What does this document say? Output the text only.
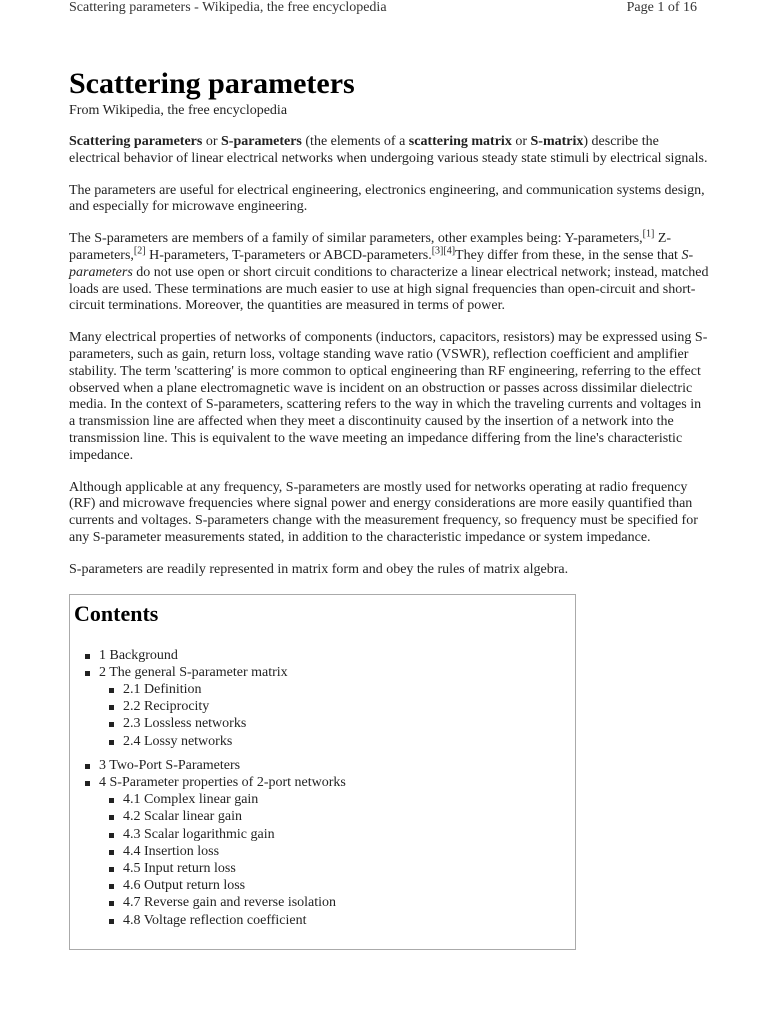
Scattering parameters - Wikipedia, the free encyclopedia	Page 1 of 16
Scattering parameters
From Wikipedia, the free encyclopedia

Scattering parameters or S-parameters (the elements of a scattering matrix or S-matrix) describe the electrical behavior of linear electrical networks when undergoing various steady state stimuli by electrical signals.

The parameters are useful for electrical engineering, electronics engineering, and communication systems design, and especially for microwave engineering.

The S-parameters are members of a family of similar parameters, other examples being: Y-parameters,[1] Z-parameters,[2] H-parameters, T-parameters or ABCD-parameters.[3][4]They differ from these, in the sense that S-parameters do not use open or short circuit conditions to characterize a linear electrical network; instead, matched loads are used. These terminations are much easier to use at high signal frequencies than open-circuit and short-circuit terminations. Moreover, the quantities are measured in terms of power.

Many electrical properties of networks of components (inductors, capacitors, resistors) may be expressed using S-parameters, such as gain, return loss, voltage standing wave ratio (VSWR), reflection coefficient and amplifier stability. The term 'scattering' is more common to optical engineering than RF engineering, referring to the effect observed when a plane electromagnetic wave is incident on an obstruction or passes across dissimilar dielectric media. In the context of S-parameters, scattering refers to the way in which the traveling currents and voltages in a transmission line are affected when they meet a discontinuity caused by the insertion of a network into the transmission line. This is equivalent to the wave meeting an impedance differing from the line's characteristic impedance.

Although applicable at any frequency, S-parameters are mostly used for networks operating at radio frequency (RF) and microwave frequencies where signal power and energy considerations are more easily quantified than currents and voltages. S-parameters change with the measurement frequency, so frequency must be specified for any S-parameter measurements stated, in addition to the characteristic impedance or system impedance.

S-parameters are readily represented in matrix form and obey the rules of matrix algebra.

Contents
1 Background
2 The general S-parameter matrix
2.1 Definition
2.2 Reciprocity
2.3 Lossless networks
2.4 Lossy networks
3 Two-Port S-Parameters
4 S-Parameter properties of 2-port networks
4.1 Complex linear gain
4.2 Scalar linear gain
4.3 Scalar logarithmic gain
4.4 Insertion loss
4.5 Input return loss
4.6 Output return loss
4.7 Reverse gain and reverse isolation
4.8 Voltage reflection coefficient
